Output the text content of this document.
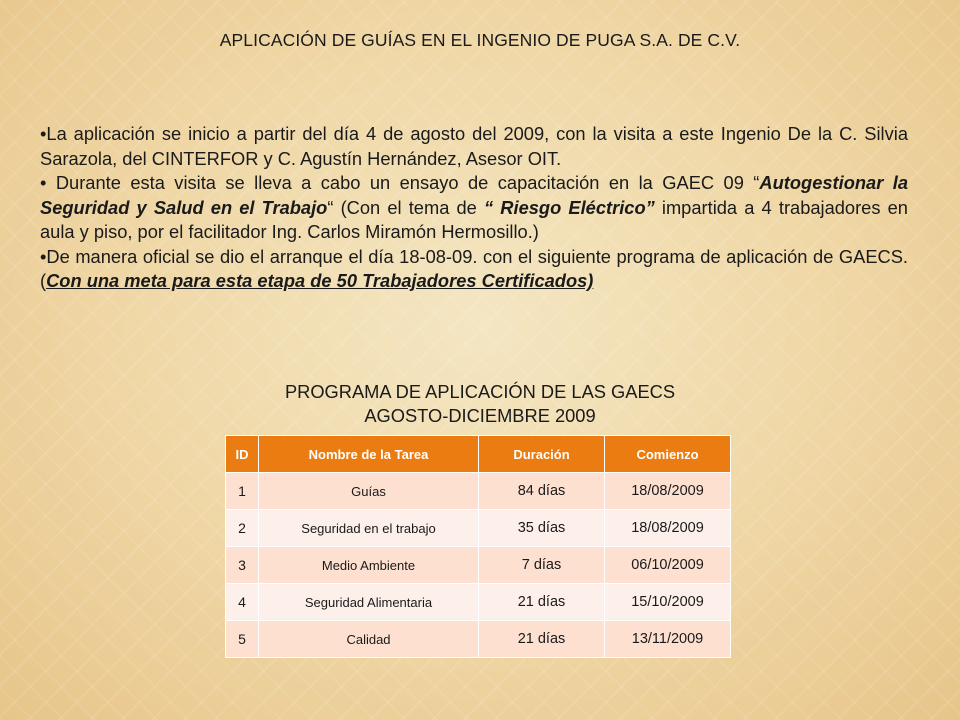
APLICACIÓN DE GUÍAS EN EL INGENIO DE PUGA S.A. DE C.V.

•La aplicación se inicio a partir del día 4 de agosto del 2009, con la visita a este Ingenio De la C. Silvia Sarazola, del CINTERFOR y C. Agustín Hernández, Asesor OIT.

• Durante esta visita se lleva a cabo un ensayo de capacitación en la GAEC 09 “Autogestionar la Seguridad y Salud en el Trabajo“ (Con el tema de “ Riesgo Eléctrico” impartida a 4 trabajadores en aula y piso, por el facilitador Ing. Carlos Miramón Hermosillo.)

•De manera oficial se dio el arranque el día 18-08-09. con el siguiente programa de aplicación de GAECS. (Con una meta para esta etapa de 50 Trabajadores Certificados)

PROGRAMA DE APLICACIÓN DE LAS GAECS
AGOSTO-DICIEMBRE 2009
ID	Nombre de la Tarea	Duración	Comienzo
1	Guías	84 días	18/08/2009
2	Seguridad en el trabajo	35 días	18/08/2009
3	Medio Ambiente	7 días	06/10/2009
4	Seguridad Alimentaria	21 días	15/10/2009
5	Calidad	21 días	13/11/2009
